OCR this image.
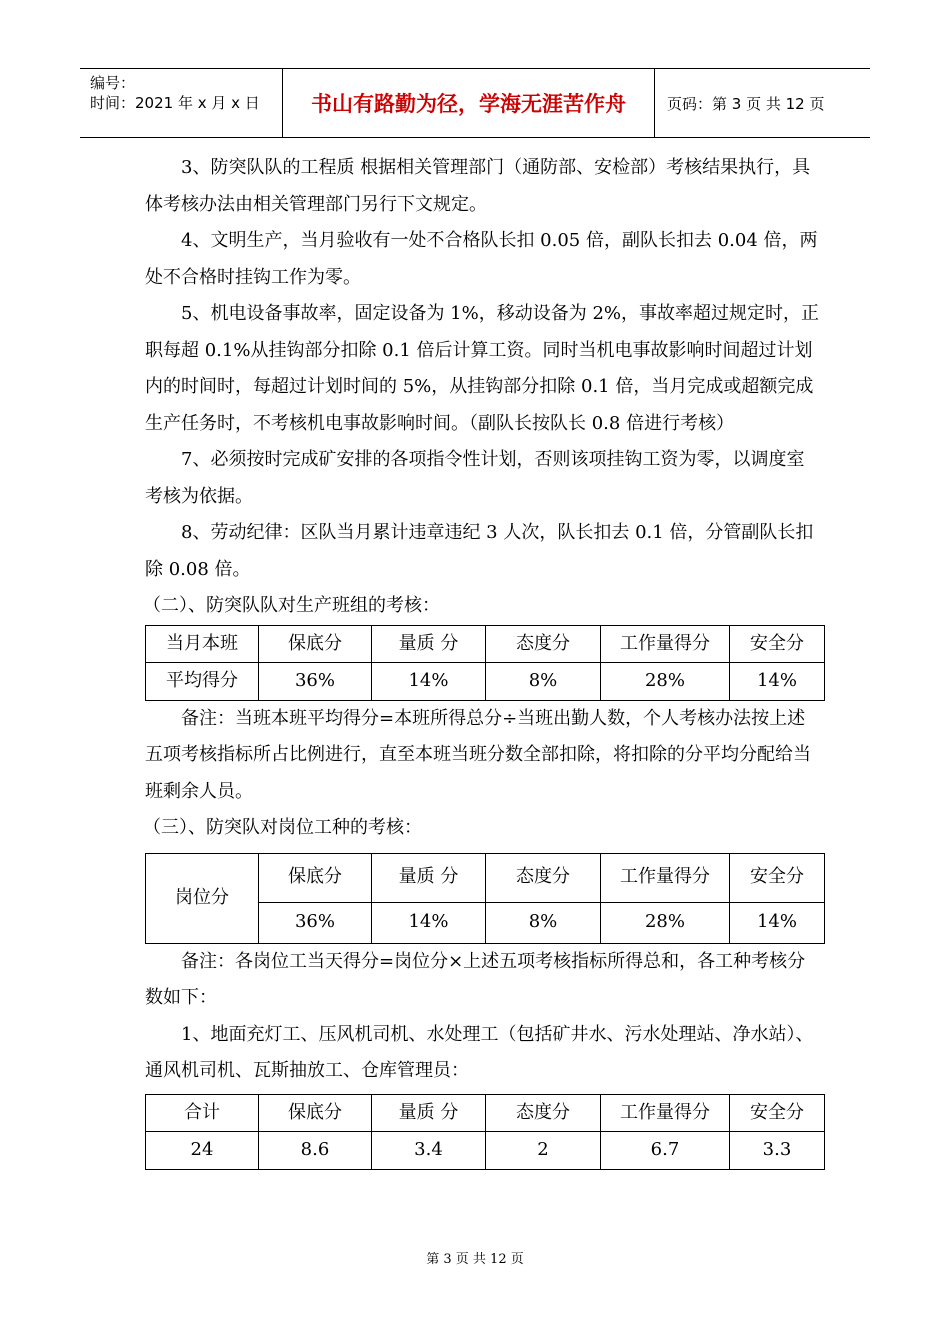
编号：
时间：2021 年 x 月 x 日	书山有路勤为径，学海无涯苦作舟	页码：第 3 页 共 12 页

3、防突队队的工程质 根据相关管理部门（通防部、安检部）考核结果执行，具体考核办法由相关管理部门另行下文规定。

4、文明生产，当月验收有一处不合格队长扣 0.05 倍，副队长扣去 0.04 倍，两处不合格时挂钩工作为零。

5、机电设备事故率，固定设备为 1%，移动设备为 2%，事故率超过规定时，正职每超 0.1%从挂钩部分扣除 0.1 倍后计算工资。同时当机电事故影响时间超过计划内的时间时，每超过计划时间的 5%，从挂钩部分扣除 0.1 倍，当月完成或超额完成生产任务时，不考核机电事故影响时间。（副队长按队长 0.8 倍进行考核）

7、必须按时完成矿安排的各项指令性计划，否则该项挂钩工资为零，以调度室考核为依据。

8、劳动纪律：区队当月累计违章违纪 3 人次，队长扣去 0.1 倍，分管副队长扣除 0.08 倍。

（二）、防突队队对生产班组的考核：

当月本班	保底分	量质 分	态度分	工作量得分	安全分
平均得分	36%	14%	8%	28%	14%

备注：当班本班平均得分=本班所得总分÷当班出勤人数，个人考核办法按上述五项考核指标所占比例进行，直至本班当班分数全部扣除，将扣除的分平均分配给当班剩余人员。

（三）、防突队对岗位工种的考核：

岗位分	保底分	量质 分	态度分	工作量得分	安全分
	36%	14%	8%	28%	14%

备注：各岗位工当天得分=岗位分×上述五项考核指标所得总和，各工种考核分数如下：

1、地面充灯工、压风机司机、水处理工（包括矿井水、污水处理站、净水站）、通风机司机、瓦斯抽放工、仓库管理员：

合计	保底分	量质 分	态度分	工作量得分	安全分
24	8.6	3.4	2	6.7	3.3
第 3 页 共 12 页
